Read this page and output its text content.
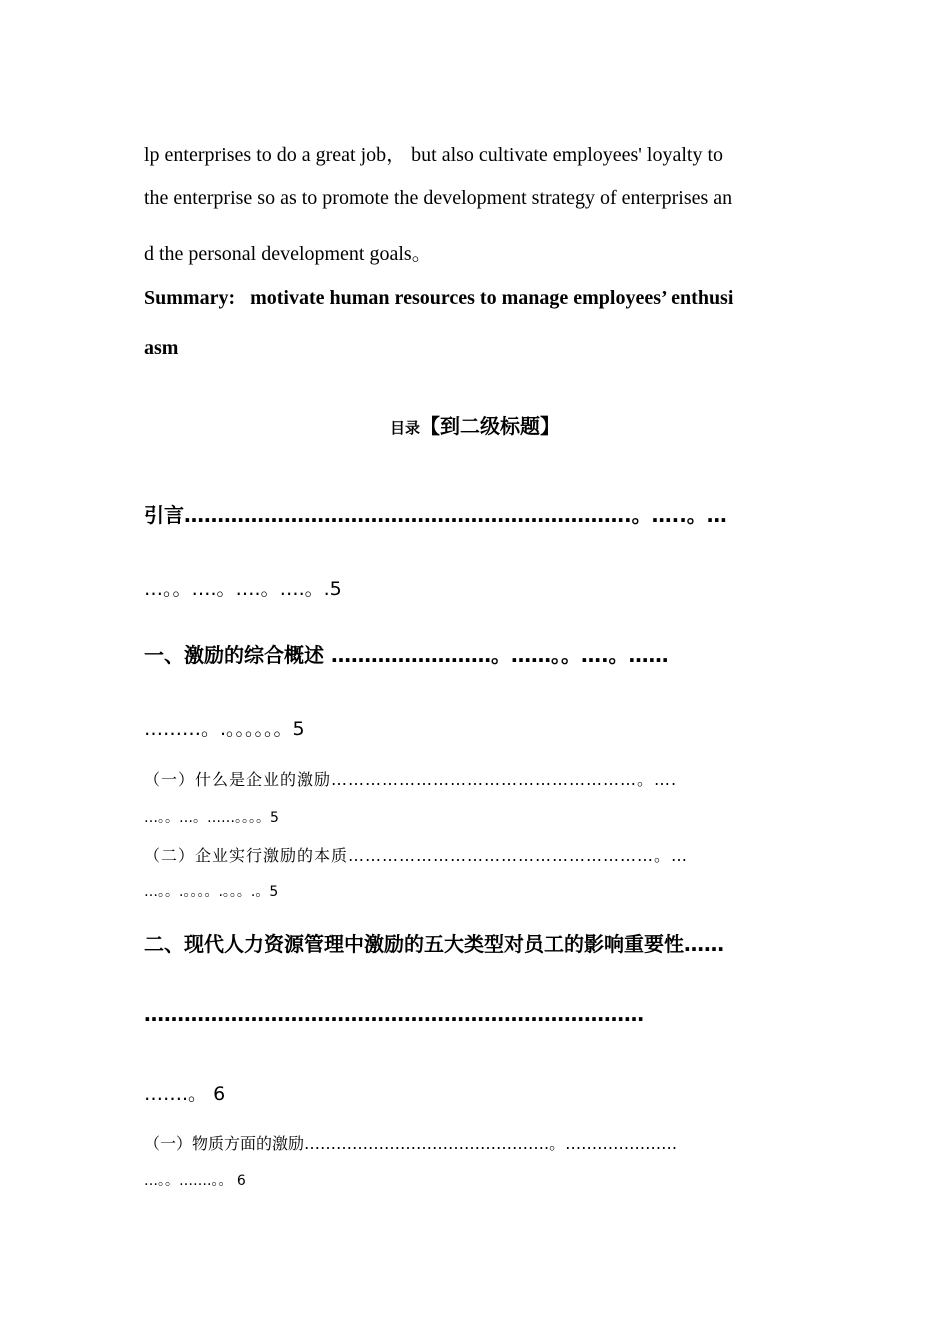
lp enterprises to do a great job， but also cultivate employees' loyalty to
the enterprise so as to promote the development strategy of enterprises an
d the personal development goals。
Summary: motivate human resources to manage employees’ enthusi
asm
目录【到二级标题】
引言………………………………………………………….。…..。…
…。。….。….。….。.5
一、激励的综合概述 ……………………。……。。….。……
………。.。。。。。。5
（一）什么是企业的激励………………………………………………。….
…。。…。……。。。。5
（二）企业实行激励的本质………………………………………………。…
…。。.。。。。.。。。.。5
二、现代人力资源管理中激励的五大类型对员工的影响重要性……
…………………………………………………………………
…….。 6
（一）物质方面的激励……………………………………….。…………………
…。。…….。。 6
